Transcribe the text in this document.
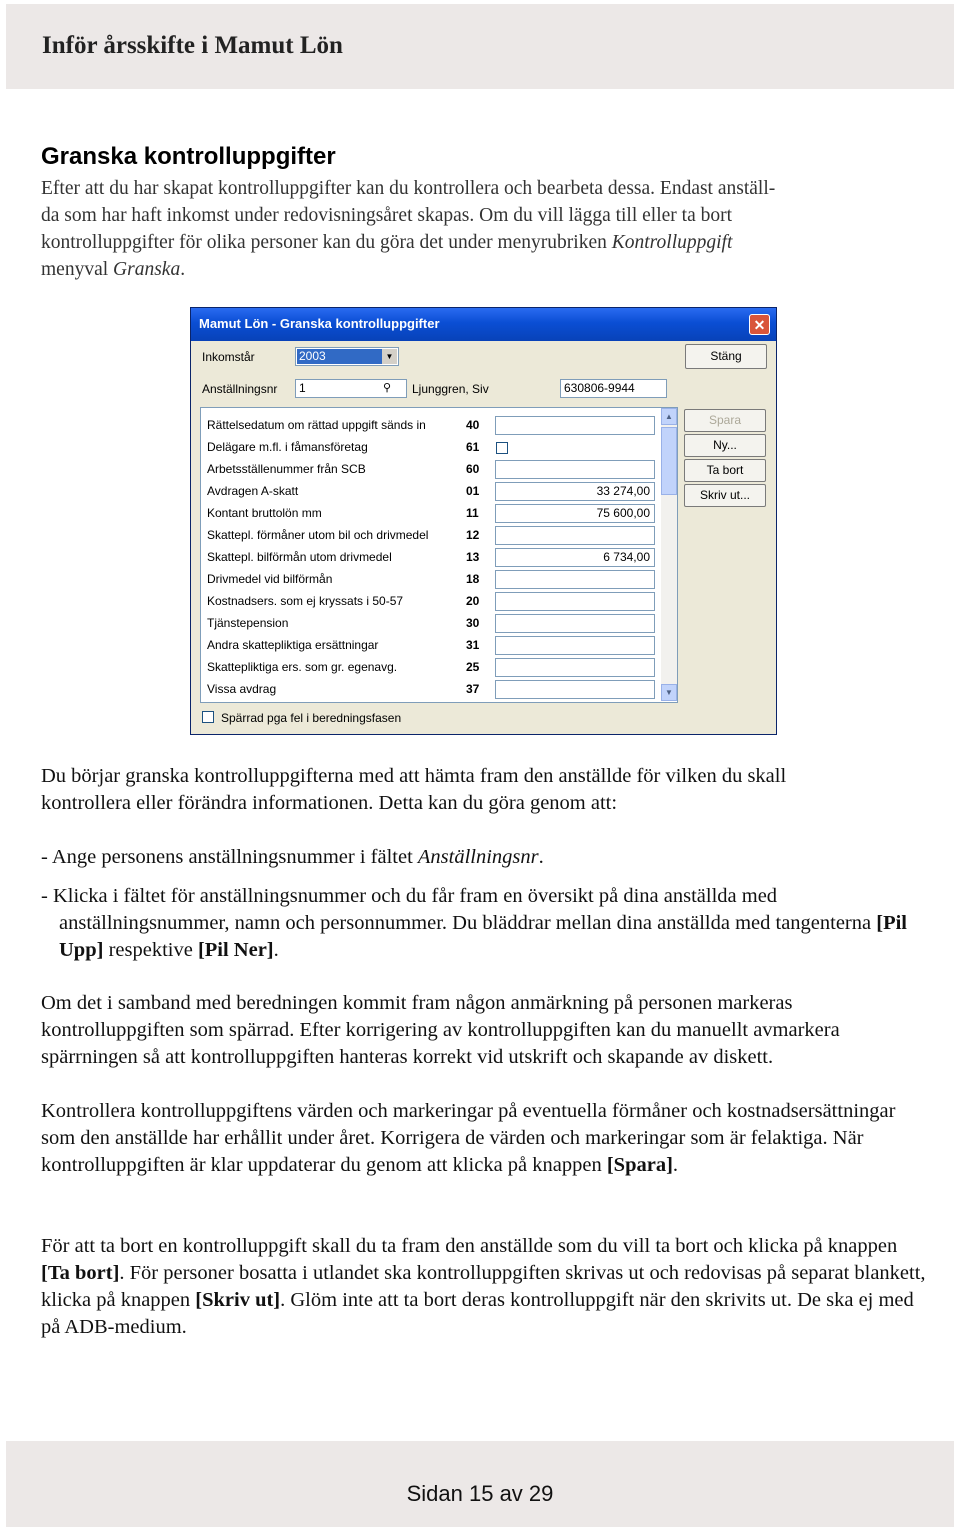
Inför årsskifte i Mamut Lön
Granska kontrolluppgifter

Efter att du har skapat kontrolluppgifter kan du kontrollera och bearbeta dessa. Endast anställ-

da som har haft inkomst under redovisningsåret skapas. Om du vill lägga till eller ta bort

kontrolluppgifter för olika personer kan du göra det under menyrubriken Kontrolluppgift

menyval Granska.

Mamut Lön - Granska kontrolluppgifter	✕
Inkomstår	2003	▼	Stäng
Anställningsnr	1	⚲ Ljunggren, Siv	630806-9944
Rättelsedatum om rättad uppgift sänds in	40
Delägare m.fl. i fåmansföretag	61
Arbetsställenummer från SCB	60
Avdragen A-skatt	01	33 274,00
Kontant bruttolön mm	11	75 600,00
Skattepl. förmåner utom bil och drivmedel	12
Skattepl. bilförmån utom drivmedel	13	6 734,00
Drivmedel vid bilförmån	18
Kostnadsers. som ej kryssats i 50-57	20
Tjänstepension	30
Andra skattepliktiga ersättningar	31
Skattepliktiga ers. som gr. egenavg.	25
Vissa avdrag	37
▲
▼
Spara
Ny...
Ta bort
Skriv ut...
Spärrad pga fel i beredningsfasen

Du börjar granska kontrolluppgifterna med att hämta fram den anställde för vilken du skall
kontrollera eller förändra informationen. Detta kan du göra genom att:

- Ange personens anställningsnummer i fältet Anställningsnr.

- Klicka i fältet för anställningsnummer och du får fram en översikt på dina anställda med anställningsnummer, namn och personnummer. Du bläddrar mellan dina anställda med tangenterna [Pil Upp] respektive [Pil Ner].

Om det i samband med beredningen kommit fram någon anmärkning på personen markeras kontrolluppgiften som spärrad. Efter korrigering av kontrolluppgiften kan du manuellt avmarkera spärrningen så att kontrolluppgiften hanteras korrekt vid utskrift och skapande av diskett.

Kontrollera kontrolluppgiftens värden och markeringar på eventuella förmåner och kostnadsersättningar som den anställde har erhållit under året. Korrigera de värden och markeringar som är felaktiga. När kontrolluppgiften är klar uppdaterar du genom att klicka på knappen [Spara].

För att ta bort en kontrolluppgift skall du ta fram den anställde som du vill ta bort och klicka på knappen [Ta bort]. För personer bosatta i utlandet ska kontrolluppgiften skrivas ut och redovisas på separat blankett, klicka på knappen [Skriv ut]. Glöm inte att ta bort deras kontrolluppgift när den skrivits ut. De ska ej med på ADB-medium.

Sidan 15 av 29
